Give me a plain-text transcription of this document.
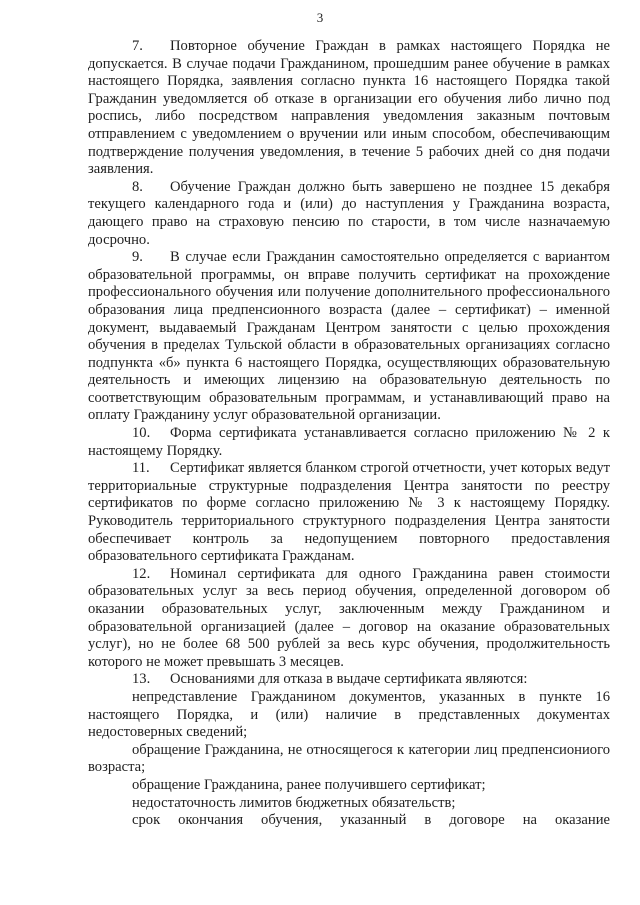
3

7. Повторное обучение Граждан в рамках настоящего Порядка не допускается. В случае подачи Гражданином, прошедшим ранее обучение в рамках настоящего Порядка, заявления согласно пункта 16 настоящего Порядка такой Гражданин уведомляется об отказе в организации его обучения либо лично под роспись, либо посредством направления уведомления заказным почтовым отправлением с уведомлением о вручении или иным способом, обеспечивающим подтверждение получения уведомления, в течение 5 рабочих дней со дня подачи заявления.

8. Обучение Граждан должно быть завершено не позднее 15 декабря текущего календарного года и (или) до наступления у Гражданина возраста, дающего право на страховую пенсию по старости, в том числе назначаемую досрочно.

9. В случае если Гражданин самостоятельно определяется с вариантом образовательной программы, он вправе получить сертификат на прохождение профессионального обучения или получение дополнительного профессионального образования лица предпенсионного возраста (далее – сертификат) – именной документ, выдаваемый Гражданам Центром занятости с целью прохождения обучения в пределах Тульской области в образовательных организациях согласно подпункта «б» пункта 6 настоящего Порядка, осуществляющих образовательную деятельность и имеющих лицензию на образовательную деятельность по соответствующим образовательным программам, и устанавливающий право на оплату Гражданину услуг образовательной организации.

10. Форма сертификата устанавливается согласно приложению № 2 к настоящему Порядку.

11. Сертификат является бланком строгой отчетности, учет которых ведут территориальные структурные подразделения Центра занятости по реестру сертификатов по форме согласно приложению № 3 к настоящему Порядку. Руководитель территориального структурного подразделения Центра занятости обеспечивает контроль за недопущением повторного предоставления образовательного сертификата Гражданам.

12. Номинал сертификата для одного Гражданина равен стоимости образовательных услуг за весь период обучения, определенной договором об оказании образовательных услуг, заключенным между Гражданином и образовательной организацией (далее – договор на оказание образовательных услуг), но не более 68 500 рублей за весь курс обучения, продолжительность которого не может превышать 3 месяцев.

13. Основаниями для отказа в выдаче сертификата являются:

непредставление Гражданином документов, указанных в пункте 16 настоящего Порядка, и (или) наличие в представленных документах недостоверных сведений;

обращение Гражданина, не относящегося к категории лиц предпенсиониого возраста;

обращение Гражданина, ранее получившего сертификат;

недостаточность лимитов бюджетных обязательств;

срок окончания обучения, указанный в договоре на оказание
